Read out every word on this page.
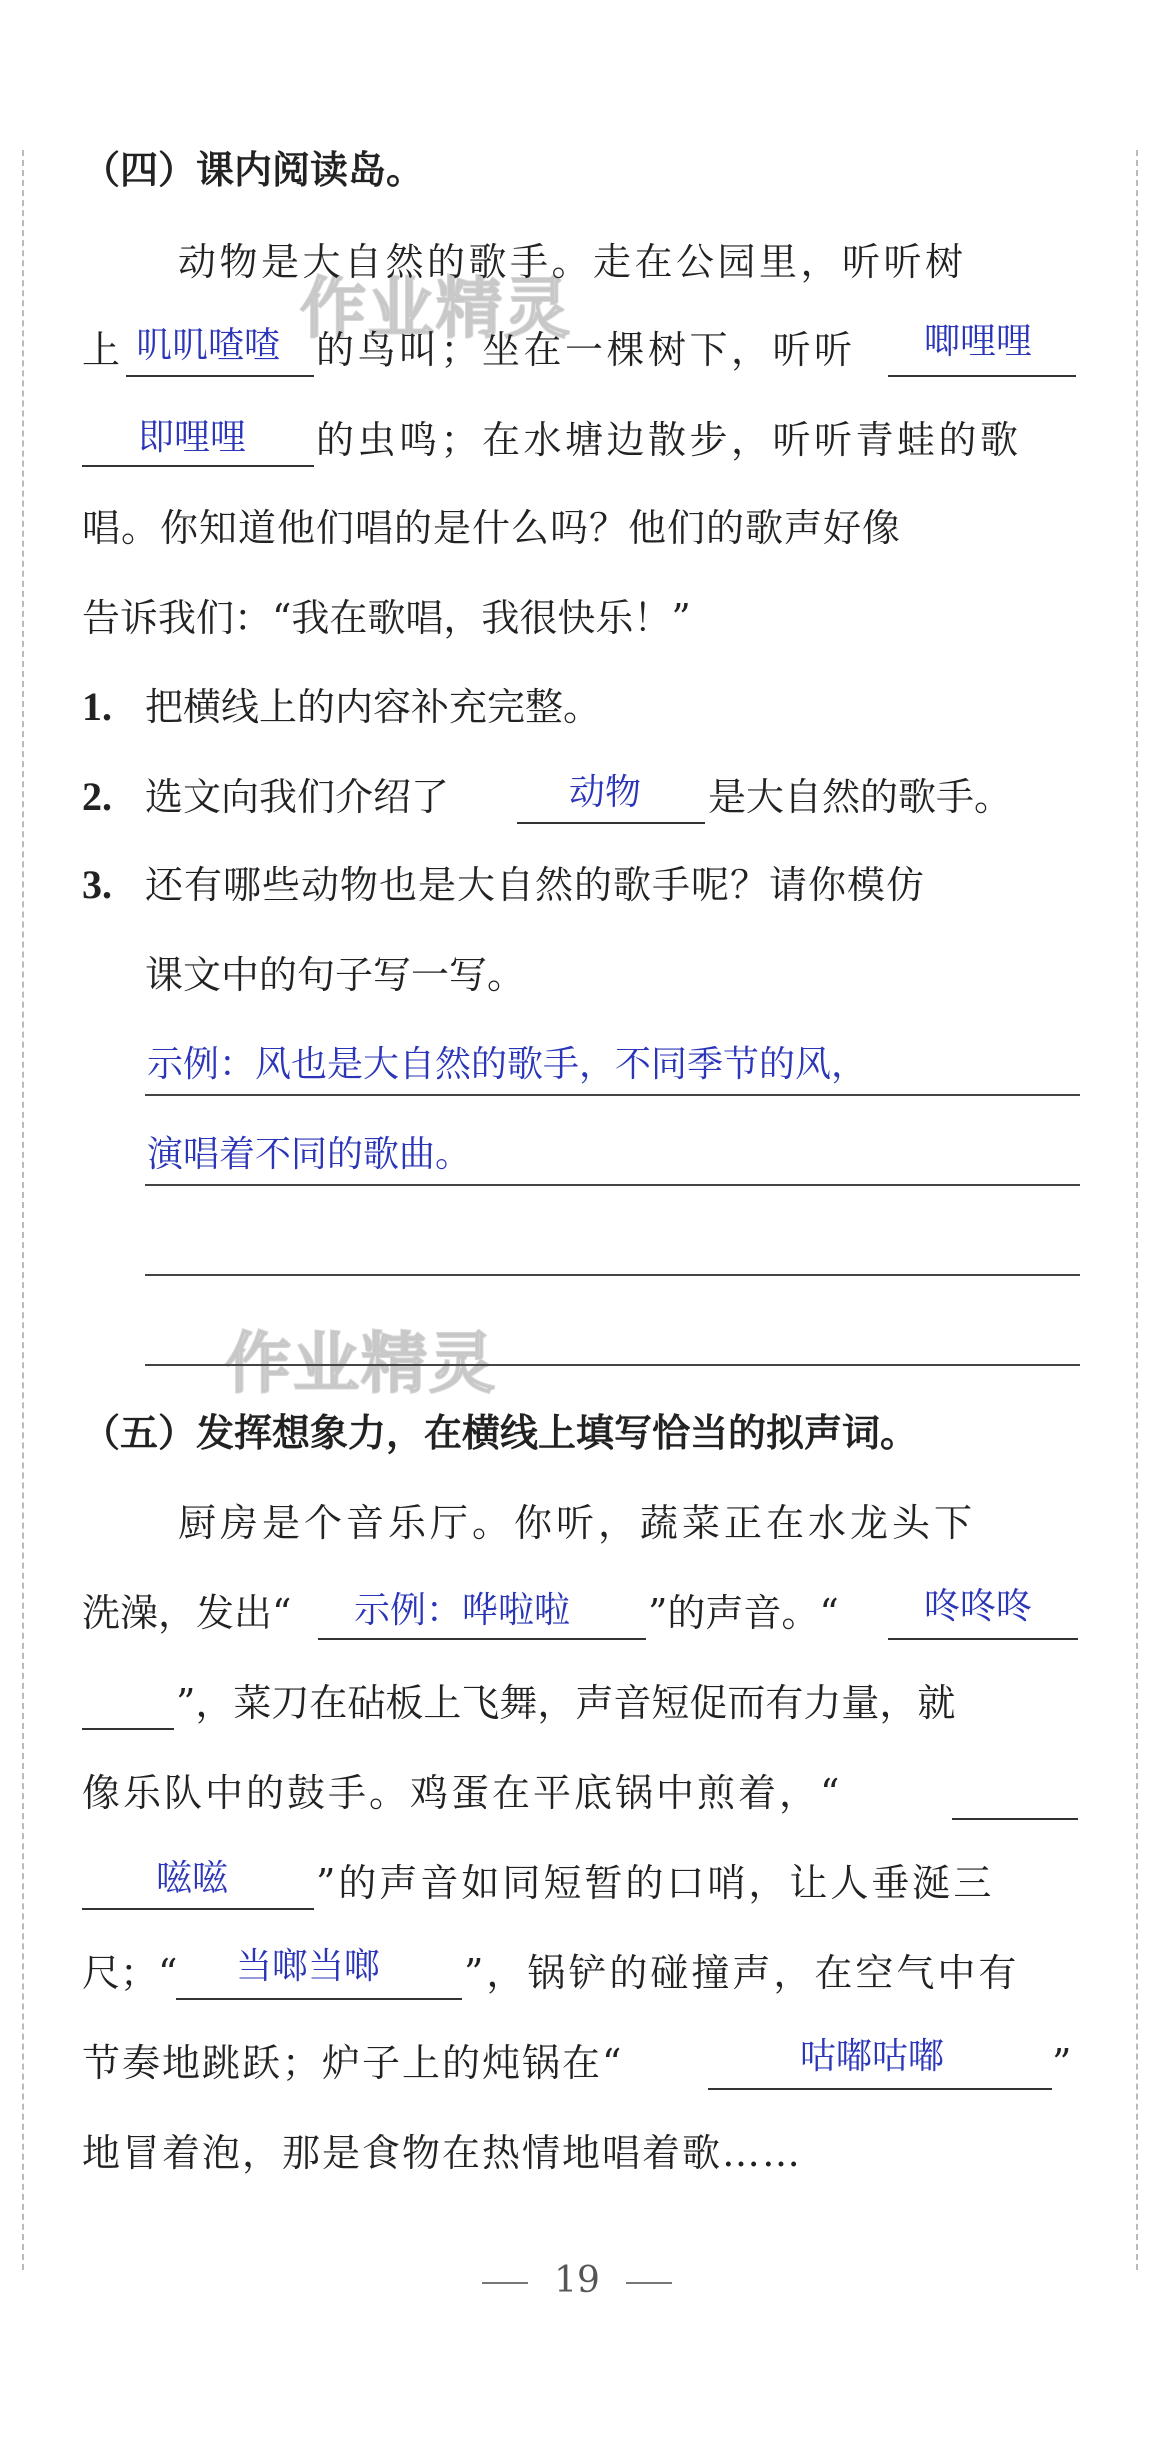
作业精灵
作业精灵
（四）课内阅读岛。
动物是大自然的歌手。走在公园里，听听树
上 叽叽喳喳 的鸟叫；坐在一棵树下，听听 唧哩哩
即哩哩 的虫鸣；在水塘边散步，听听青蛙的歌
唱。你知道他们唱的是什么吗？他们的歌声好像
告诉我们：“我在歌唱，我很快乐！”
1. 把横线上的内容补充完整。
2. 选文向我们介绍了	动物 是大自然的歌手。
3. 还有哪些动物也是大自然的歌手呢？请你模仿
课文中的句子写一写。
示例：风也是大自然的歌手，不同季节的风，
演唱着不同的歌曲。
（五）发挥想象力，在横线上填写恰当的拟声词。
厨房是个音乐厅。你听，蔬菜正在水龙头下
洗澡，发出“ 示例：哗啦啦 ”的声音。“ 咚咚咚
”，菜刀在砧板上飞舞，声音短促而有力量，就
像乐队中的鼓手。鸡蛋在平底锅中煎着，“
嗞嗞 ”的声音如同短暂的口哨，让人垂涎三
尺；“ 当啷当啷 ”，锅铲的碰撞声，在空气中有
节奏地跳跃；炉子上的炖锅在“	咕嘟咕嘟	”
地冒着泡，那是食物在热情地唱着歌……
19
